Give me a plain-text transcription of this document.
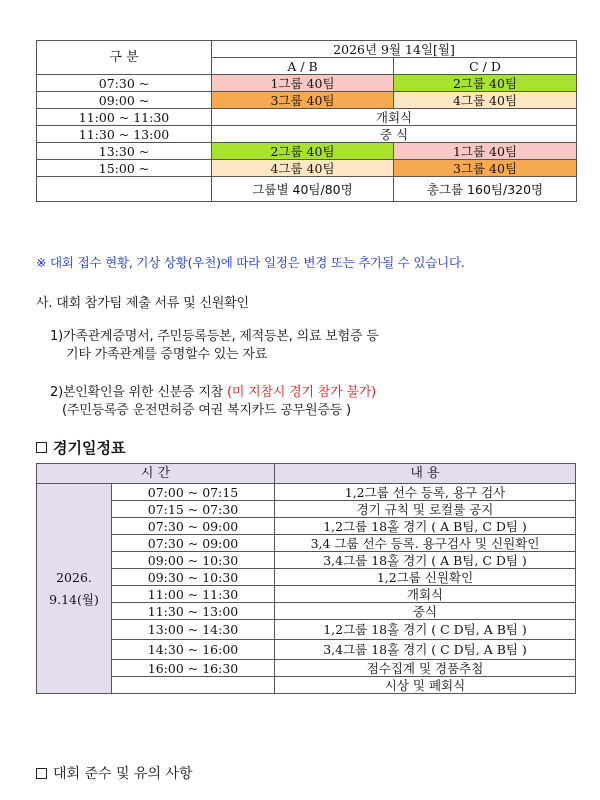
구 분	2026년 9월 14일[월]	
	A / B	C / D
07:30 ~	1그룹 40팀	2그룹 40팀
09:00 ~	3그룹 40팀	4그룹 40팀
11:00 ~ 11:30	개회식	
11:30 ~ 13:00	중 식	
13:30 ~	2그룹 40팀	1그룹 40팀
15:00 ~	4그룹 40팀	3그룹 40팀
	그룹별 40팀/80명	총그룹 160팀/320명
※ 대회 접수 현황, 기상 상황(우천)에 따라 일정은 변경 또는 추가될 수 있습니다.
사. 대회 참가팀 제출 서류 및 신원확인
1)가족관계증명서, 주민등록등본, 제적등본, 의료 보험증 등
기타 가족관계를 증명할수 있는 자료
2)본인확인을 위한 신분증 지참 (미 지참시 경기 참가 불가)
(주민등록증 운전면허증 여권 복지카드 공무원증등 )
경기일정표
시 간		내 용

2026.
9.14(월)	07:00 ~ 07:15	1,2그룹 선수 등록, 용구 검사
	07:15 ~ 07:30	경기 규칙 및 로컬룰 공지
	07:30 ~ 09:00	1,2그룹 18홀 경기 ( A B팀, C D팀 )
	07:30 ~ 09:00	3,4 그룹 선수 등록. 용구검사 및 신원확인
	09:00 ~ 10:30	3,4그룹 18홀 경기 ( A B팀, C D팀 )
	09:30 ~ 10:30	1,2그룹 신원확인
	11:00 ~ 11:30	개회식
	11:30 ~ 13:00	중식
	13:00 ~ 14:30	1,2그룹 18홀 경기 ( C D팀, A B팀 )
	14:30 ~ 16:00	3,4그룹 18홀 경기 ( C D팀, A B팀 )
	16:00 ~ 16:30	점수집계 및 경품추첨
		시상 및 폐회식
대회 준수 및 유의 사항
